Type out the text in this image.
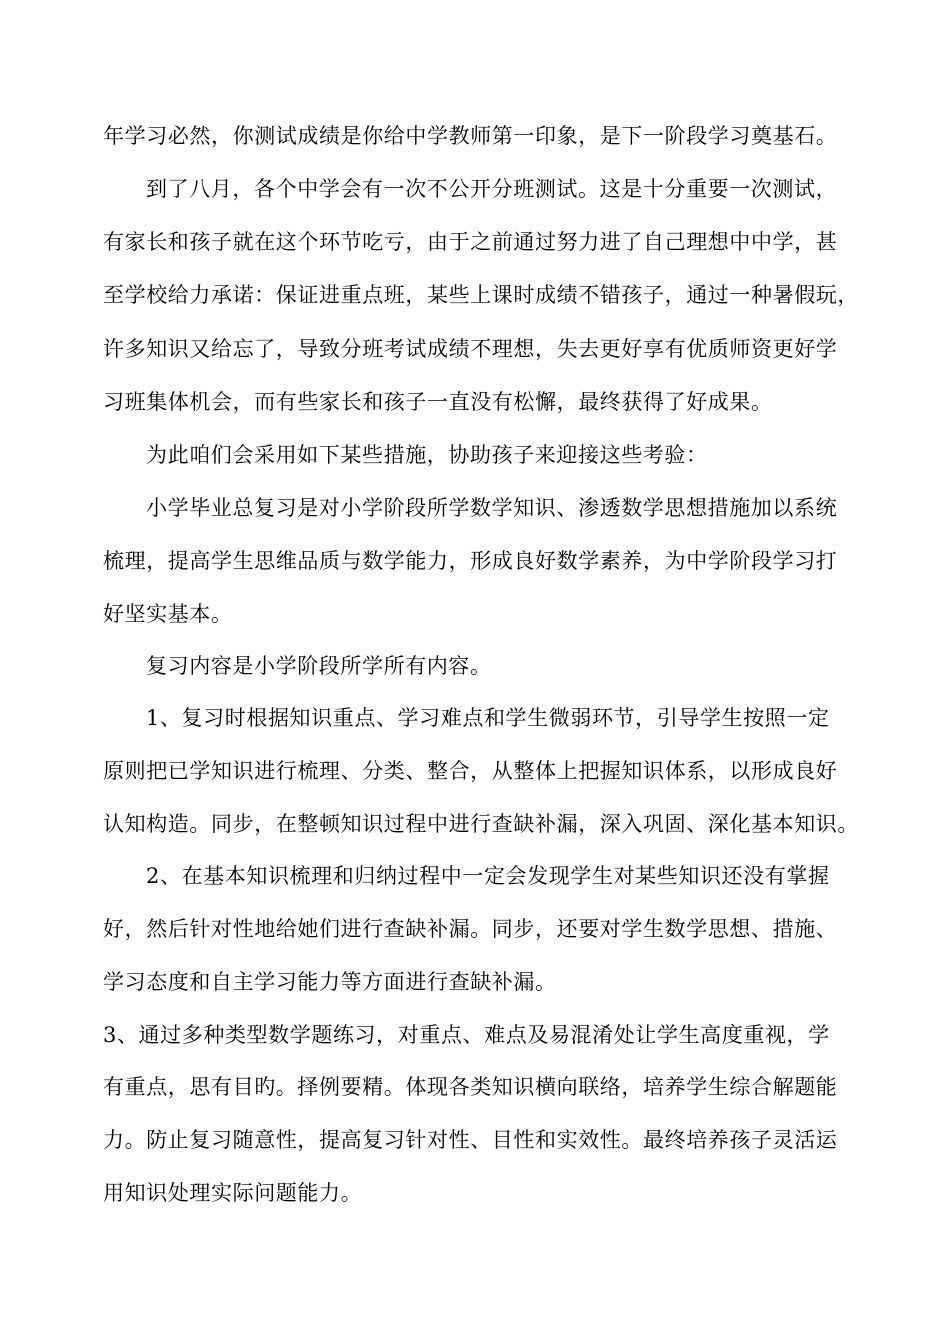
年学习必然，你测试成绩是你给中学教师第一印象，是下一阶段学习奠基石。
到了八月，各个中学会有一次不公开分班测试。这是十分重要一次测试，
有家长和孩子就在这个环节吃亏，由于之前通过努力进了自己理想中中学，甚
至学校给力承诺：保证进重点班，某些上课时成绩不错孩子，通过一种暑假玩，
许多知识又给忘了，导致分班考试成绩不理想，失去更好享有优质师资更好学
习班集体机会，而有些家长和孩子一直没有松懈，最终获得了好成果。
为此咱们会采用如下某些措施，协助孩子来迎接这些考验：
小学毕业总复习是对小学阶段所学数学知识、渗透数学思想措施加以系统
梳理，提高学生思维品质与数学能力，形成良好数学素养，为中学阶段学习打
好坚实基本。
复习内容是小学阶段所学所有内容。
1、复习时根据知识重点、学习难点和学生微弱环节，引导学生按照一定
原则把已学知识进行梳理、分类、整合，从整体上把握知识体系，以形成良好
认知构造。同步，在整顿知识过程中进行查缺补漏，深入巩固、深化基本知识。
2、在基本知识梳理和归纳过程中一定会发现学生对某些知识还没有掌握
好，然后针对性地给她们进行查缺补漏。同步，还要对学生数学思想、措施、
学习态度和自主学习能力等方面进行查缺补漏。
3、通过多种类型数学题练习，对重点、难点及易混淆处让学生高度重视，学
有重点，思有目旳。择例要精。体现各类知识横向联络，培养学生综合解题能
力。防止复习随意性，提高复习针对性、目性和实效性。最终培养孩子灵活运
用知识处理实际问题能力。
